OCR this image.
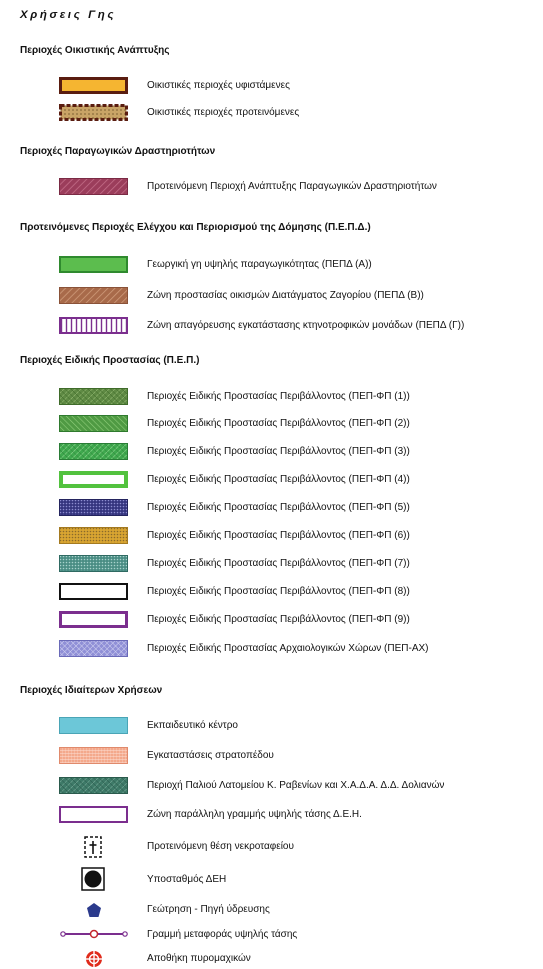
Χρήσεις Γης
Περιοχές Οικιστικής Ανάπτυξης
Οικιστικές περιοχές υφιστάμενες
Οικιστικές περιοχές προτεινόμενες
Περιοχές Παραγωγικών Δραστηριοτήτων
Προτεινόμενη Περιοχή Ανάπτυξης Παραγωγικών Δραστηριοτήτων
Προτεινόμενες Περιοχές Ελέγχου και Περιορισμού της Δόμησης (Π.Ε.Π.Δ.)
Γεωργική γη υψηλής παραγωγικότητας (ΠΕΠΔ (Α))
Ζώνη προστασίας οικισμών Διατάγματος Ζαγορίου (ΠΕΠΔ (Β))
Ζώνη απαγόρευσης εγκατάστασης κτηνοτροφικών μονάδων (ΠΕΠΔ (Γ))
Περιοχές Ειδικής Προστασίας (Π.Ε.Π.)
Περιοχές Ειδικής Προστασίας Περιβάλλοντος (ΠΕΠ-ΦΠ (1))
Περιοχές Ειδικής Προστασίας Περιβάλλοντος (ΠΕΠ-ΦΠ (2))
Περιοχές Ειδικής Προστασίας Περιβάλλοντος (ΠΕΠ-ΦΠ (3))
Περιοχές Ειδικής Προστασίας Περιβάλλοντος (ΠΕΠ-ΦΠ (4))
Περιοχές Ειδικής Προστασίας Περιβάλλοντος (ΠΕΠ-ΦΠ (5))
Περιοχές Ειδικής Προστασίας Περιβάλλοντος (ΠΕΠ-ΦΠ (6))
Περιοχές Ειδικής Προστασίας Περιβάλλοντος (ΠΕΠ-ΦΠ (7))
Περιοχές Ειδικής Προστασίας Περιβάλλοντος (ΠΕΠ-ΦΠ (8))
Περιοχές Ειδικής Προστασίας Περιβάλλοντος (ΠΕΠ-ΦΠ (9))
Περιοχές Ειδικής Προστασίας Αρχαιολογικών Χώρων (ΠΕΠ-ΑΧ)
Περιοχές Ιδιαίτερων Χρήσεων
Εκπαιδευτικό κέντρο
Εγκαταστάσεις στρατοπέδου
Περιοχή Παλιού Λατομείου Κ. Ραβενίων και Χ.Α.Δ.Α. Δ.Δ. Δολιανών
Ζώνη παράλληλη γραμμής υψηλής τάσης Δ.Ε.Η.
Προτεινόμενη θέση νεκροταφείου
Υποσταθμός ΔΕΗ
Γεώτρηση - Πηγή ύδρευσης
Γραμμή μεταφοράς υψηλής τάσης
Αποθήκη πυρομαχικών
